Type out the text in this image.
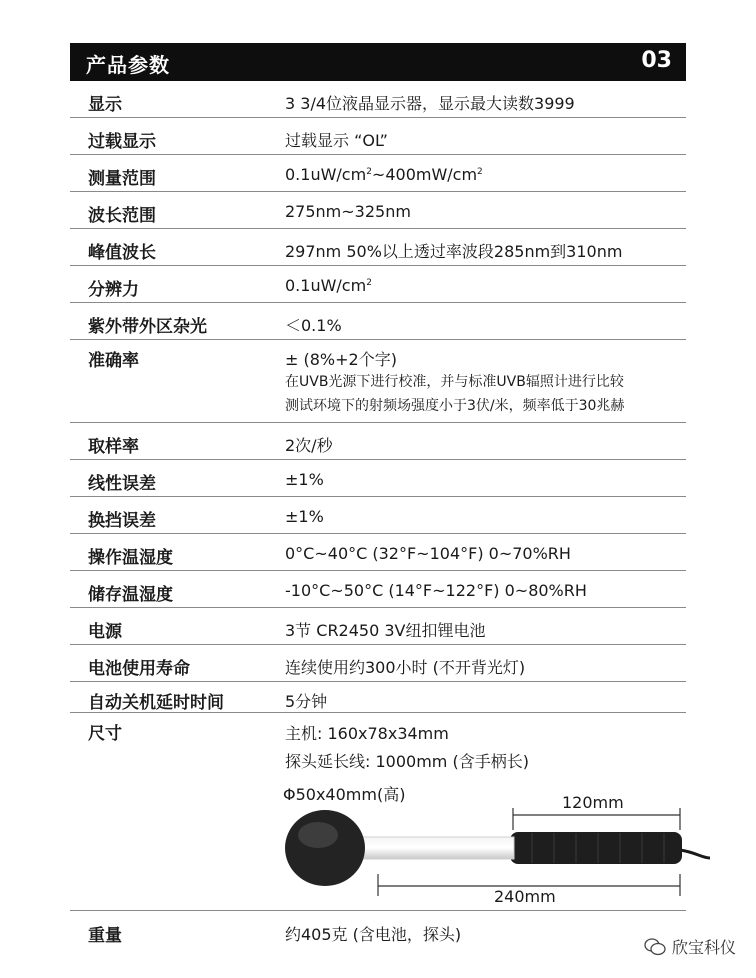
产品参数	03
显示	3 3/4位液晶显示器，显示最大读数3999
过载显示	过载显示 “OL”
测量范围	$0.1uW/cm^2\sim 400mW/cm^2$
波长范围	275nm~325nm
峰值波长	297nm 50%以上透过率波段285nm到310nm
分辨力	$0.1uW/cm^2$
紫外带外区杂光	＜0.1%
准确率	± (8%+2个字)
在UVB光源下进行校准，并与标准UVB辐照计进行比较
测试环境下的射频场强度小于3伏/米，频率低于30兆赫
取样率	2次/秒
线性误差	±1%
换挡误差	±1%
操作温湿度	0°C~40°C (32°F~104°F) 0~70%RH
储存温湿度	-10°C~50°C (14°F~122°F) 0~80%RH
电源	3节 CR2450 3V纽扣锂电池
电池使用寿命	连续使用约300小时 (不开背光灯)
自动关机延时时间	5分钟
尺寸	主机: 160x78x34mm
探头延长线: 1000mm (含手柄长)
Φ50x40mm(高)	120mm
240mm
重量	约405克 (含电池，探头)
欣宝科仪
